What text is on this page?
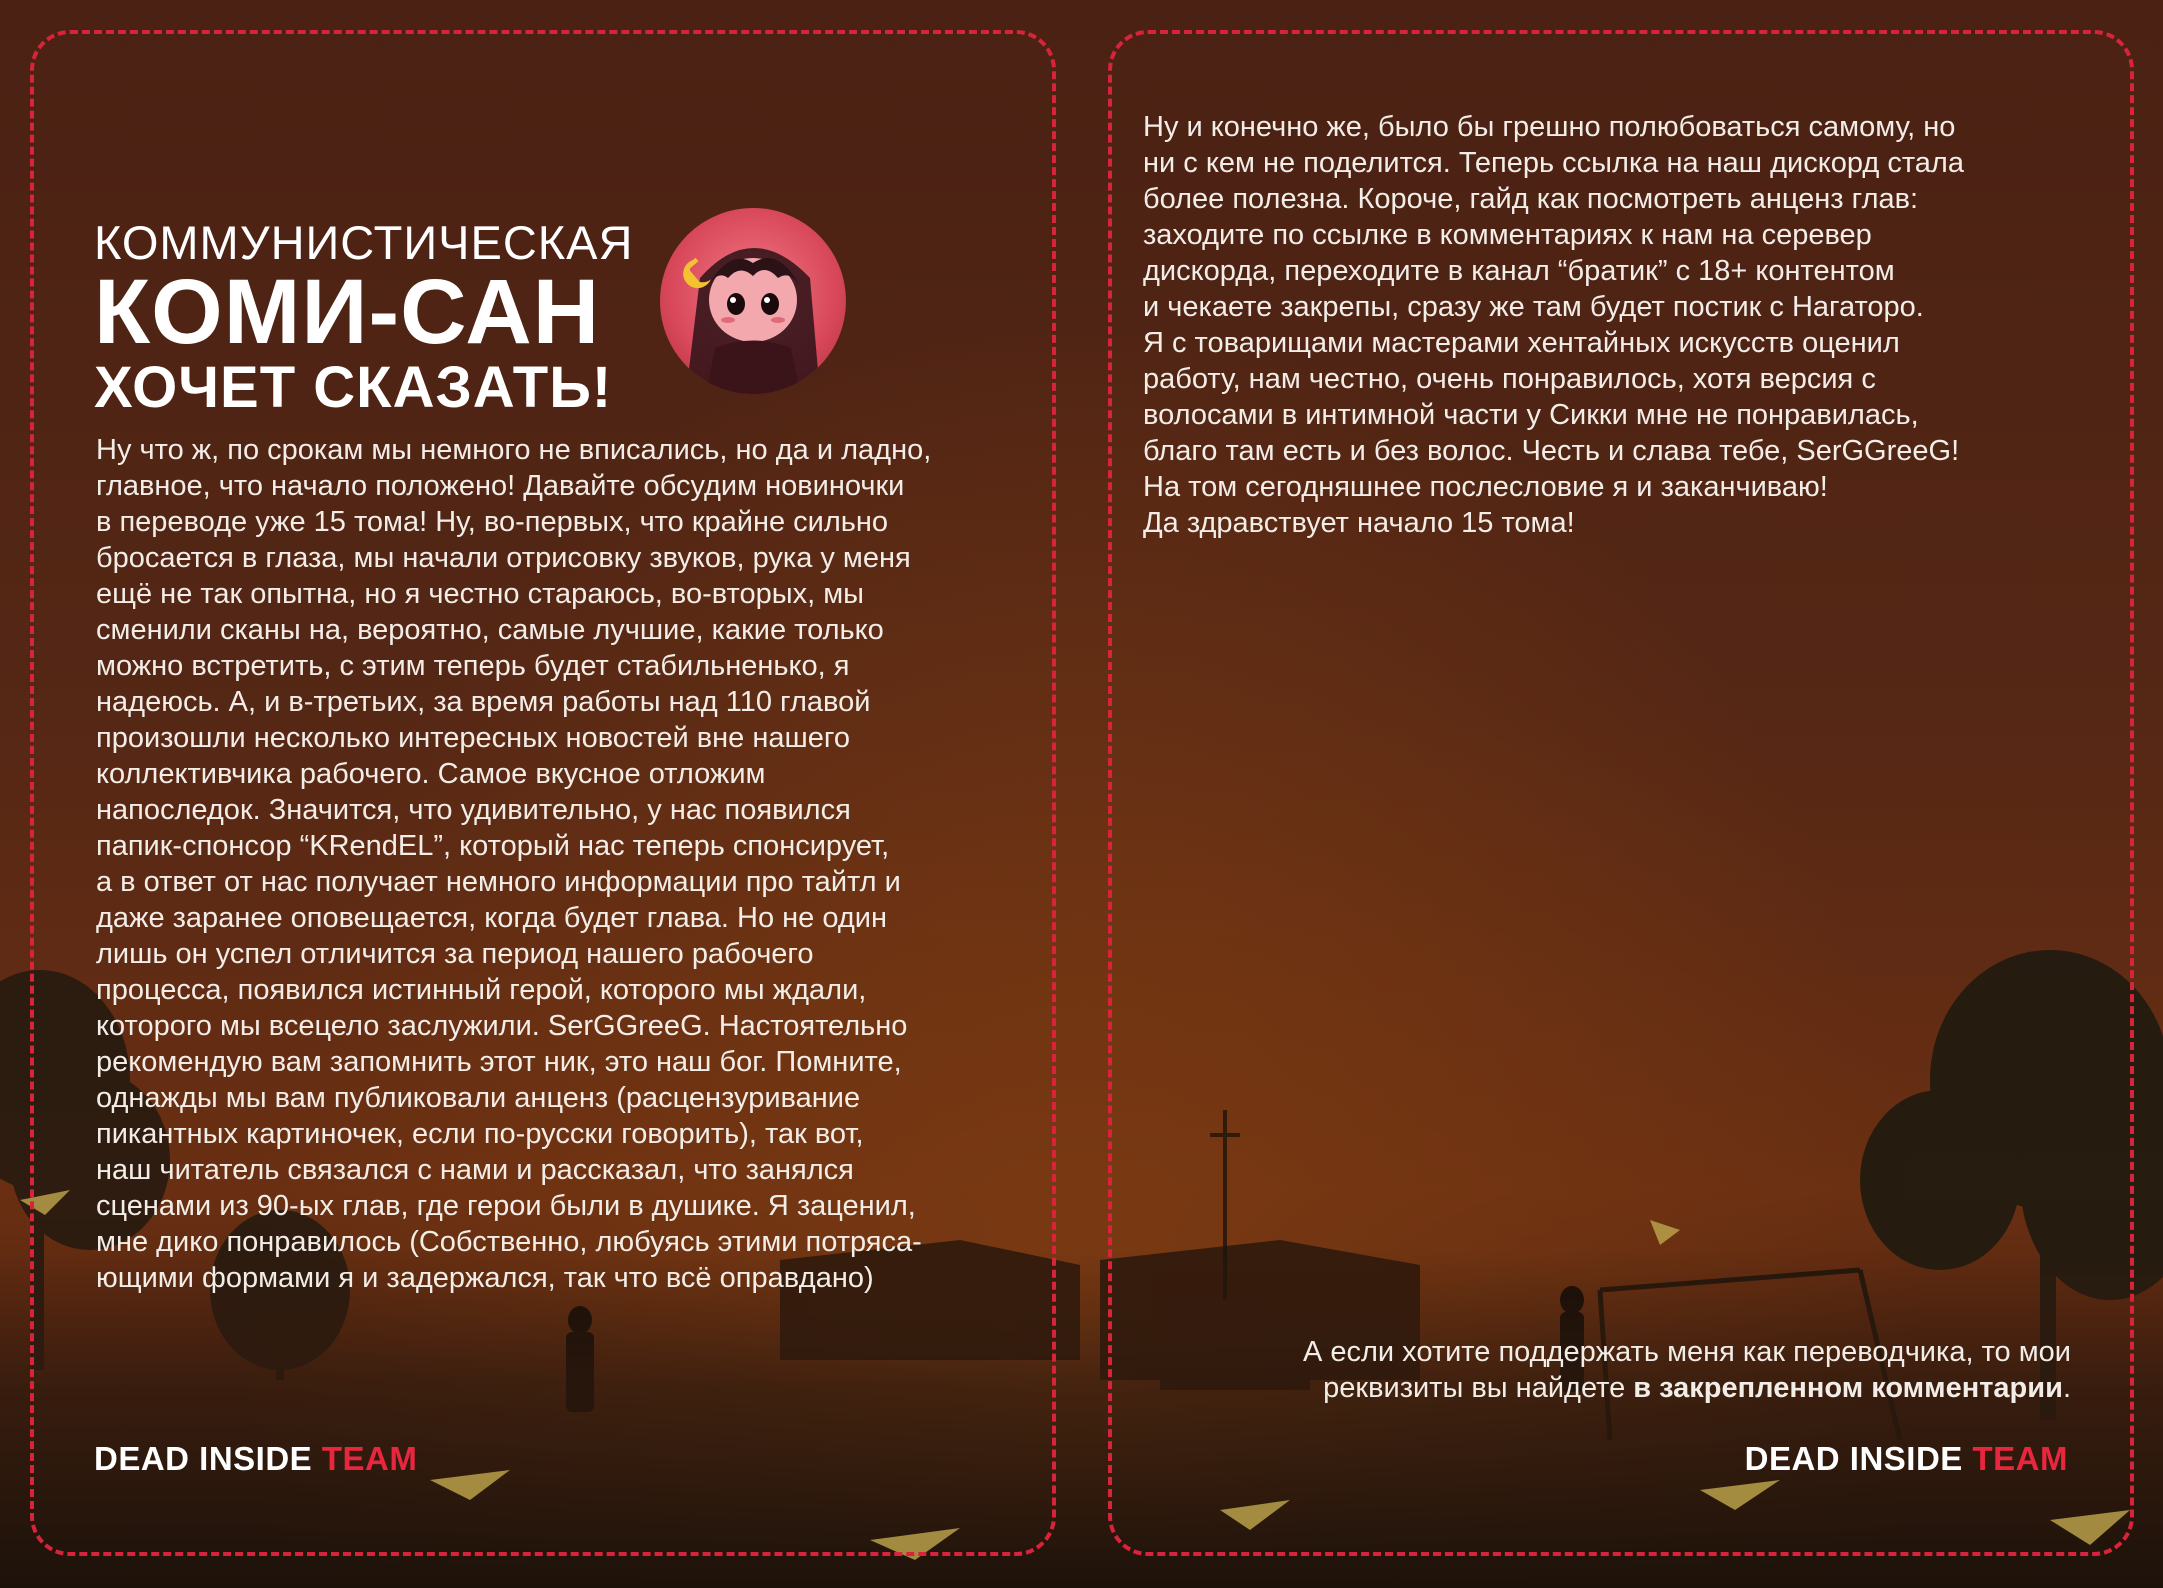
КОММУНИСТИЧЕСКАЯ
КОМИ-САН
ХОЧЕТ СКАЗАТЬ!

Ну что ж, по срокам мы немного не вписались, но да и ладно,

главное, что начало положено! Давайте обсудим новиночки

в переводе уже 15 тома! Ну, во-первых, что крайне сильно

бросается в глаза, мы начали отрисовку звуков, рука у меня

ещё не так опытна, но я честно стараюсь, во-вторых, мы

сменили сканы на, вероятно, самые лучшие, какие только

можно встретить, с этим теперь будет стабильненько, я

надеюсь. А, и в-третьих, за время работы над 110 главой

произошли несколько интересных новостей вне нашего

коллективчика рабочего. Самое вкусное отложим

напоследок. Значится, что удивительно, у нас появился

папик-спонсор “KRendEL”, который нас теперь спонсирует,

а в ответ от нас получает немного информации про тайтл и

даже заранее оповещается, когда будет глава. Но не один

лишь он успел отличится за период нашего рабочего

процесса, появился истинный герой, которого мы ждали,

которого мы всецело заслужили. SerGGreeG. Настоятельно

рекомендую вам запомнить этот ник, это наш бог. Помните,

однажды мы вам публиковали анценз (расцензуривание

пикантных картиночек, если по-русски говорить), так вот,

наш читатель связался с нами и рассказал, что занялся

сценами из 90-ых глав, где герои были в душике. Я заценил,

мне дико понравилось (Собственно, любуясь этими потряса-

ющими формами я и задержался, так что всё оправдано)

Ну и конечно же, было бы грешно полюбоваться самому, но

ни с кем не поделится. Теперь ссылка на наш дискорд стала

более полезна. Короче, гайд как посмотреть анценз глав:

заходите по ссылке в комментариях к нам на серевер

дискорда, переходите в канал “братик” с 18+ контентом

и чекаете закрепы, сразу же там будет постик с Нагаторо.

Я с товарищами мастерами хентайных искусств оценил

работу, нам честно, очень понравилось, хотя версия с

волосами в интимной части у Сикки мне не понравилась,

благо там есть и без волос. Честь и слава тебе, SerGGreeG!

На том сегодняшнее послесловие я и заканчиваю!

Да здравствует начало 15 тома!

А если хотите поддержать меня как переводчика, то мои
реквизиты вы найдете в закрепленном комментарии.
DEAD INSIDE TEAM	DEAD INSIDE TEAM
